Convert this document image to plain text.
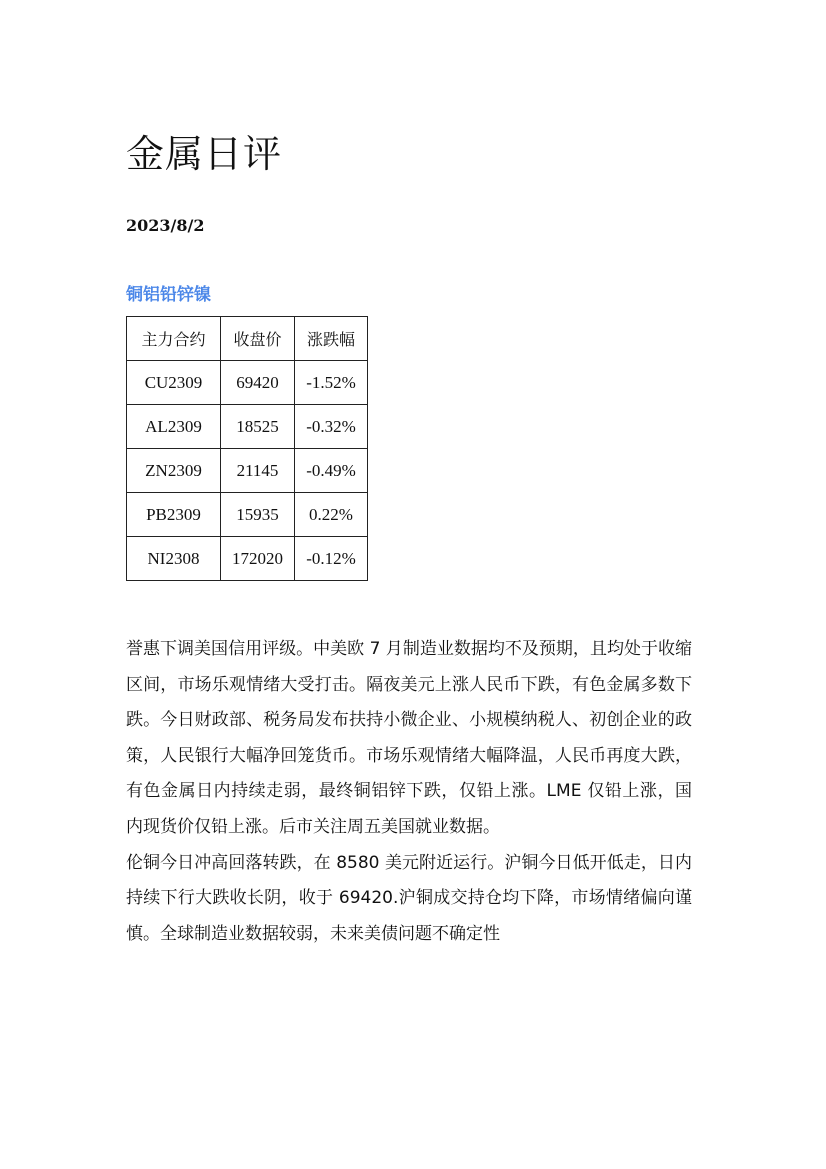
金属日评
2023/8/2
铜铝铅锌镍
主力合约	收盘价	涨跌幅
CU2309	69420	-1.52%
AL2309	18525	-0.32%
ZN2309	21145	-0.49%
PB2309	15935	0.22%
NI2308	172020	-0.12%

誉惠下调美国信用评级。中美欧 7 月制造业数据均不及预期，且均处于收缩区间，市场乐观情绪大受打击。隔夜美元上涨人民币下跌，有色金属多数下跌。今日财政部、税务局发布扶持小微企业、小规模纳税人、初创企业的政策，人民银行大幅净回笼货币。市场乐观情绪大幅降温，人民币再度大跌，有色金属日内持续走弱，最终铜铝锌下跌，仅铅上涨。LME 仅铅上涨，国内现货价仅铅上涨。后市关注周五美国就业数据。

伦铜今日冲高回落转跌，在 8580 美元附近运行。沪铜今日低开低走，日内持续下行大跌收长阴，收于 69420.沪铜成交持仓均下降，市场情绪偏向谨慎。全球制造业数据较弱，未来美债问题不确定性
